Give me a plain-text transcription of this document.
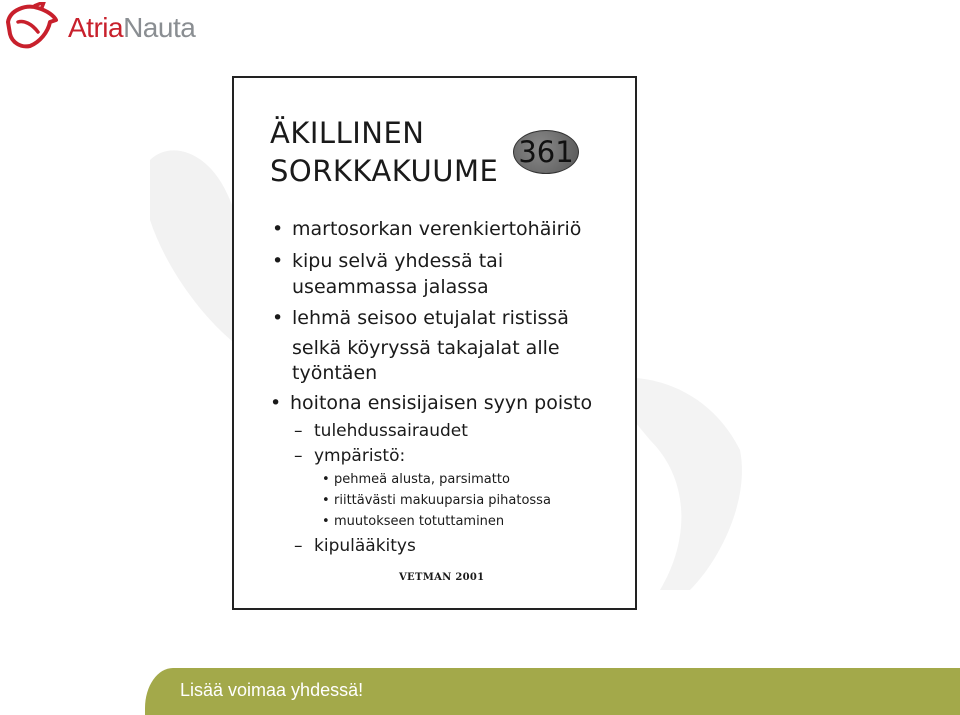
AtriaNauta
ÄKILLINEN
SORKKAKUUME
361
• martosorkan verenkiertohäiriö
• kipu selvä yhdessä tai
useammassa jalassa
• lehmä seisoo etujalat ristissä
selkä köyryssä takajalat alle
työntäen
• hoitona ensisijaisen syyn poisto
– tulehdussairaudet
– ympäristö:
• pehmeä alusta, parsimatto
• riittävästi makuuparsia pihatossa
• muutokseen totuttaminen
– kipulääkitys
VETMAN 2001
Lisää voimaa yhdessä!
